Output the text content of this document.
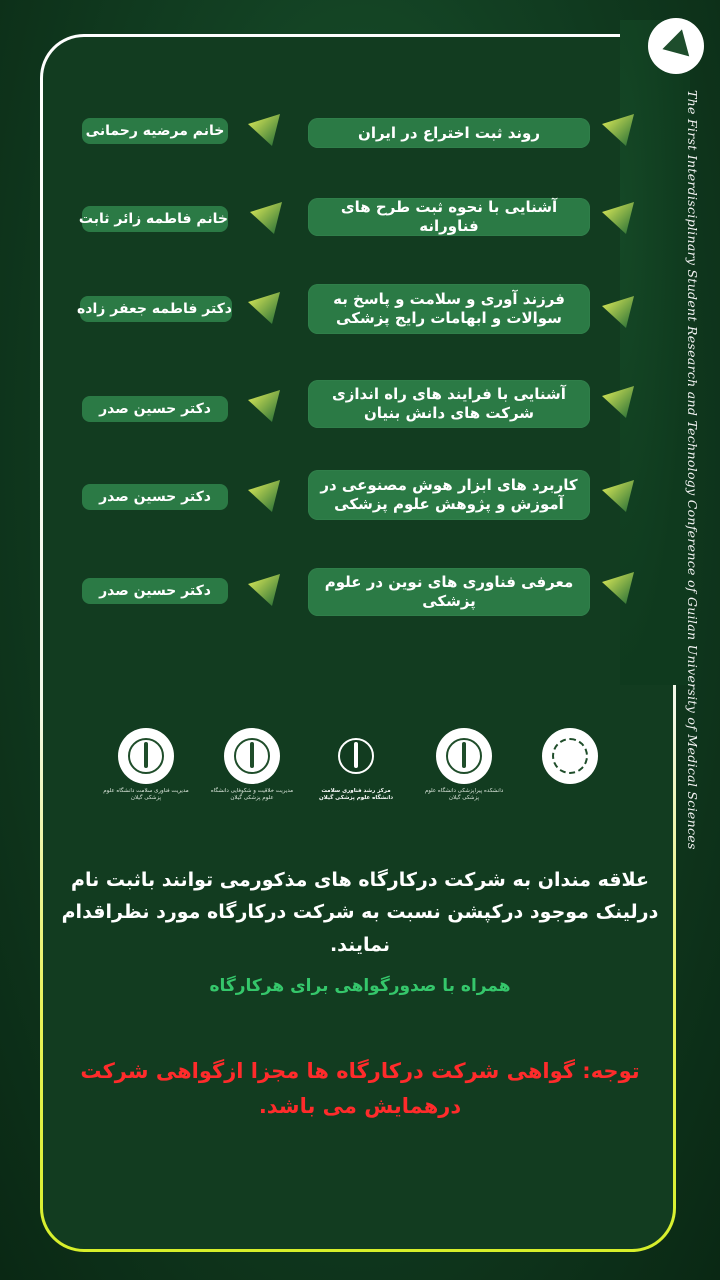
The First Interdisciplinary Student Research and Technology Conference of Guilan University of Medical Sciences
روند ثبت اختراع در ایران
خانم مرضیه رحمانی
آشنایی با نحوه ثبت طرح های فناورانه
خانم فاطمه زائر ثابت
فرزند آوری و سلامت و پاسخ به سوالات و ابهامات رایج پزشکی
دکتر فاطمه جعفر زاده
آشنایی با فرایند های راه اندازی شرکت های دانش بنیان
دکتر حسین صدر
کاربرد های ابزار هوش مصنوعی در آموزش و پژوهش علوم پزشکی
دکتر حسین صدر
معرفی فناوری های نوین در علوم پزشکی
دکتر حسین صدر
مدیریت فناوری سلامت دانشگاه علوم پزشکی گیلان
مدیریت خلاقیت و شکوفایی دانشگاه علوم پزشکی گیلان
مرکز رشد فناوری سلامت دانشگاه علوم پزشکی گیلان
دانشکده پیراپزشکی دانشگاه علوم پزشکی گیلان
علاقه مندان به شرکت درکارگاه های مذکورمی توانند باثبت نام درلینک موجود درکپشن نسبت به شرکت درکارگاه مورد نظراقدام نمایند.
همراه با صدورگواهی برای هرکارگاه
توجه: گواهی شرکت درکارگاه ها مجزا ازگواهی شرکت درهمایش می باشد.
